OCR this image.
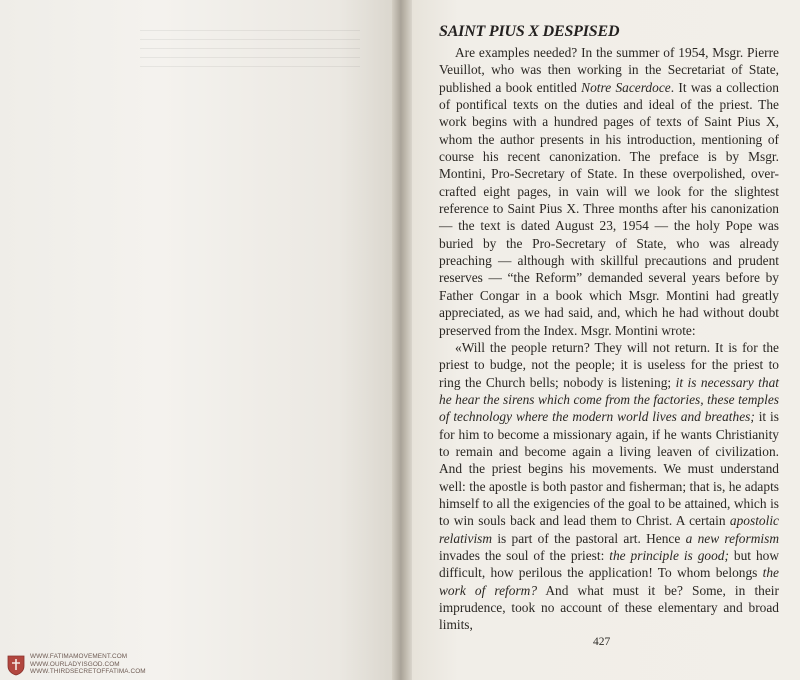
SAINT PIUS X DESPISED

Are examples needed? In the summer of 1954, Msgr. Pierre Veuillot, who was then working in the Secretariat of State, published a book entitled Notre Sacerdoce. It was a collection of pontifical texts on the duties and ideal of the priest. The work begins with a hundred pages of texts of Saint Pius X, whom the author presents in his introduction, mentioning of course his recent canonization. The preface is by Msgr. Montini, Pro-Secretary of State. In these overpolished, over-crafted eight pages, in vain will we look for the slightest reference to Saint Pius X. Three months after his canonization — the text is dated August 23, 1954 — the holy Pope was buried by the Pro-Secretary of State, who was already preaching — although with skillful precautions and prudent reserves — “the Reform” demanded several years before by Father Congar in a book which Msgr. Montini had greatly appreciated, as we had said, and, which he had without doubt preserved from the Index. Msgr. Montini wrote:

«Will the people return? They will not return. It is for the priest to budge, not the people; it is useless for the priest to ring the Church bells; nobody is listening; it is necessary that he hear the sirens which come from the factories, these temples of technology where the modern world lives and breathes; it is for him to become a missionary again, if he wants Christianity to remain and become again a living leaven of civilization. And the priest begins his movements. We must understand well: the apostle is both pastor and fisherman; that is, he adapts himself to all the exigencies of the goal to be attained, which is to win souls back and lead them to Christ. A certain apostolic relativism is part of the pastoral art. Hence a new reformism invades the soul of the priest: the principle is good; but how difficult, how perilous the application! To whom belongs the work of reform? And what must it be? Some, in their imprudence, took no account of these elementary and broad limits,

427
WWW.FATIMAMOVEMENT.COM
WWW.OURLADYISGOD.COM
WWW.THIRDSECRETOFFATIMA.COM
